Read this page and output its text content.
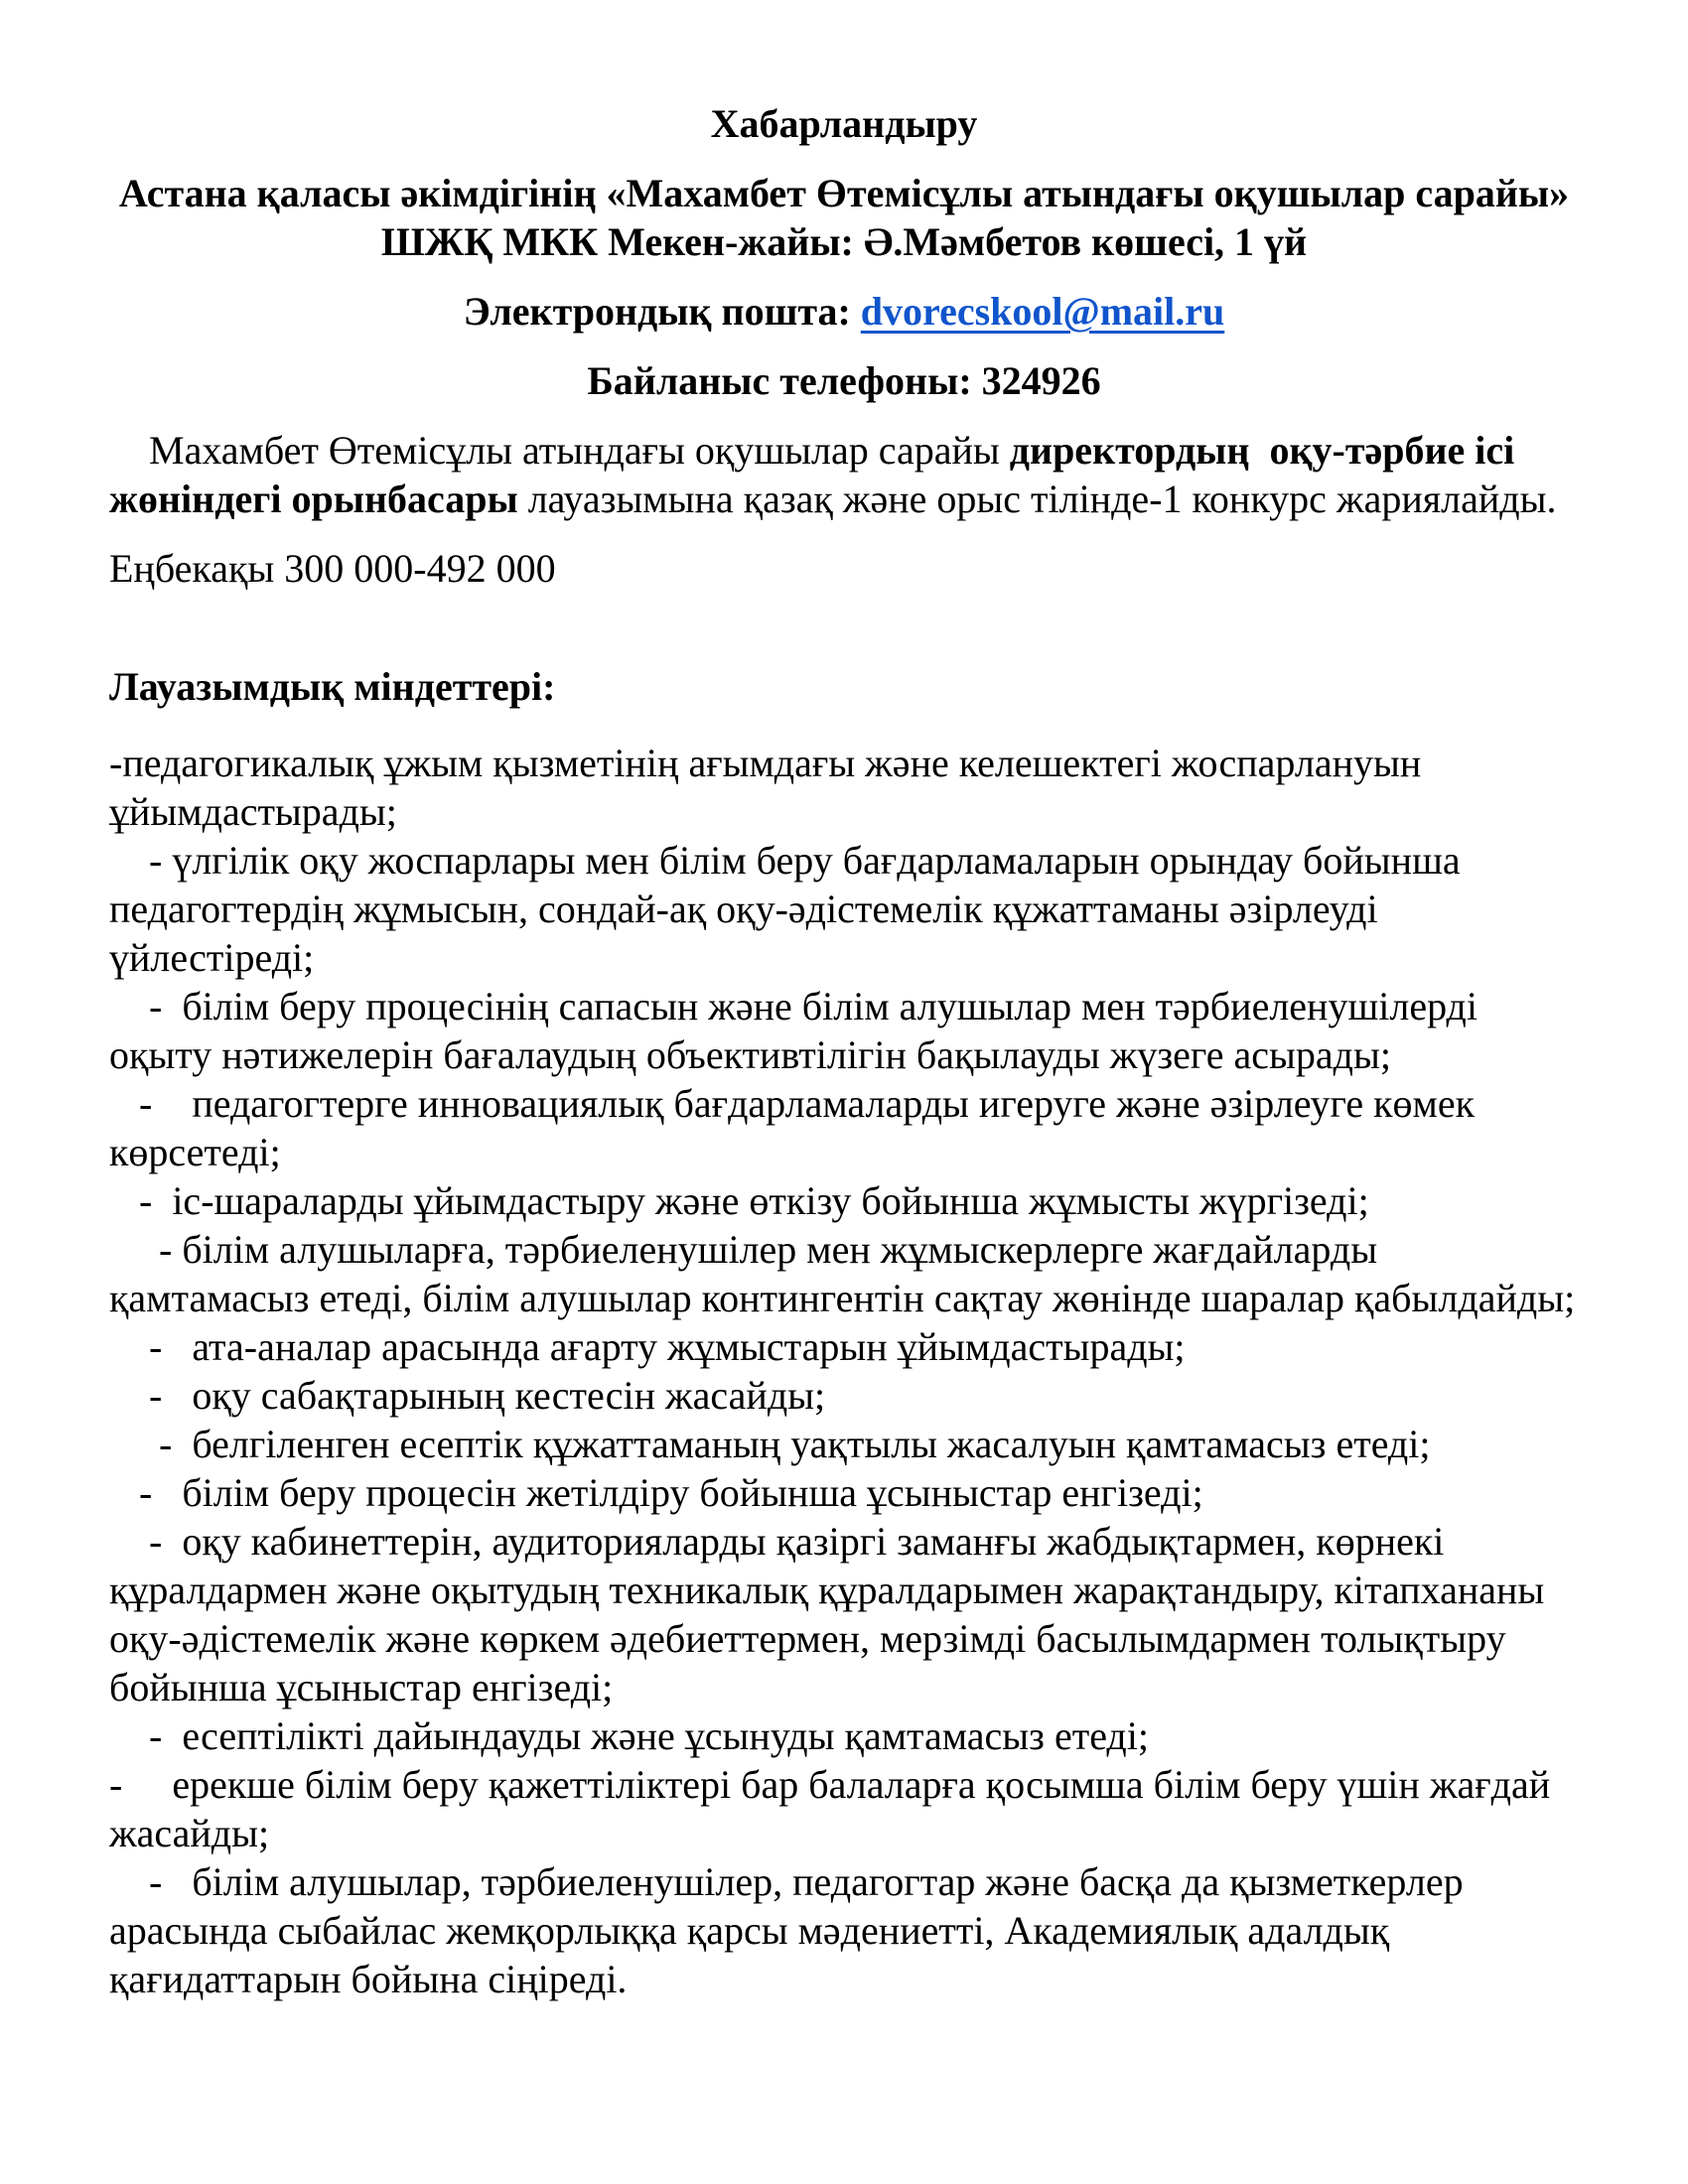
Хабарландыру

Астана қаласы әкімдігінің «Махамбет Өтемісұлы атындағы оқушылар сарайы»
ШЖҚ МКК Мекен-жайы: Ә.Мәмбетов көшесі, 1 үй

Электрондық пошта: dvorecskool@mail.ru

Байланыс телефоны: 324926

Махамбет Өтемісұлы атындағы оқушылар сарайы директордың  оқу-тәрбие ісі жөніндегі орынбасары лауазымына қазақ және орыс тілінде-1 конкурс жариялайды.

Еңбекақы 300 000-492 000

Лауазымдық міндеттері:

-педагогикалық ұжым қызметінің ағымдағы және келешектегі жоспарлануын ұйымдастырады;

- үлгілік оқу жоспарлары мен білім беру бағдарламаларын орындау бойынша педагогтердің жұмысын, сондай-ақ оқу-әдістемелік құжаттаманы әзірлеуді үйлестіреді;

-  білім беру процесінің сапасын және білім алушылар мен тәрбиеленушілерді оқыту нәтижелерін бағалаудың объективтілігін бақылауды жүзеге асырады;

-    педагогтерге инновациялық бағдарламаларды игеруге және әзірлеуге көмек көрсетеді;

-  іс-шараларды ұйымдастыру және өткізу бойынша жұмысты жүргізеді;

- білім алушыларға, тәрбиеленушілер мен жұмыскерлерге жағдайларды қамтамасыз етеді, білім алушылар контингентін сақтау жөнінде шаралар қабылдайды;

-   ата-аналар арасында ағарту жұмыстарын ұйымдастырады;

-   оқу сабақтарының кестесін жасайды;

-  белгіленген есептік құжаттаманың уақтылы жасалуын қамтамасыз етеді;

-   білім беру процесін жетілдіру бойынша ұсыныстар енгізеді;

-  оқу кабинеттерін, аудиторияларды қазіргі заманғы жабдықтармен, көрнекі құралдармен және оқытудың техникалық құралдарымен жарақтандыру, кітапхананы оқу-әдістемелік және көркем әдебиеттермен, мерзімді басылымдармен толықтыру бойынша ұсыныстар енгізеді;

-  есептілікті дайындауды және ұсынуды қамтамасыз етеді;

-     ерекше білім беру қажеттіліктері бар балаларға қосымша білім беру үшін жағдай жасайды;

-   білім алушылар, тәрбиеленушілер, педагогтар және басқа да қызметкерлер арасында сыбайлас жемқорлыққа қарсы мәдениетті, Академиялық адалдық қағидаттарын бойына сіңіреді.
